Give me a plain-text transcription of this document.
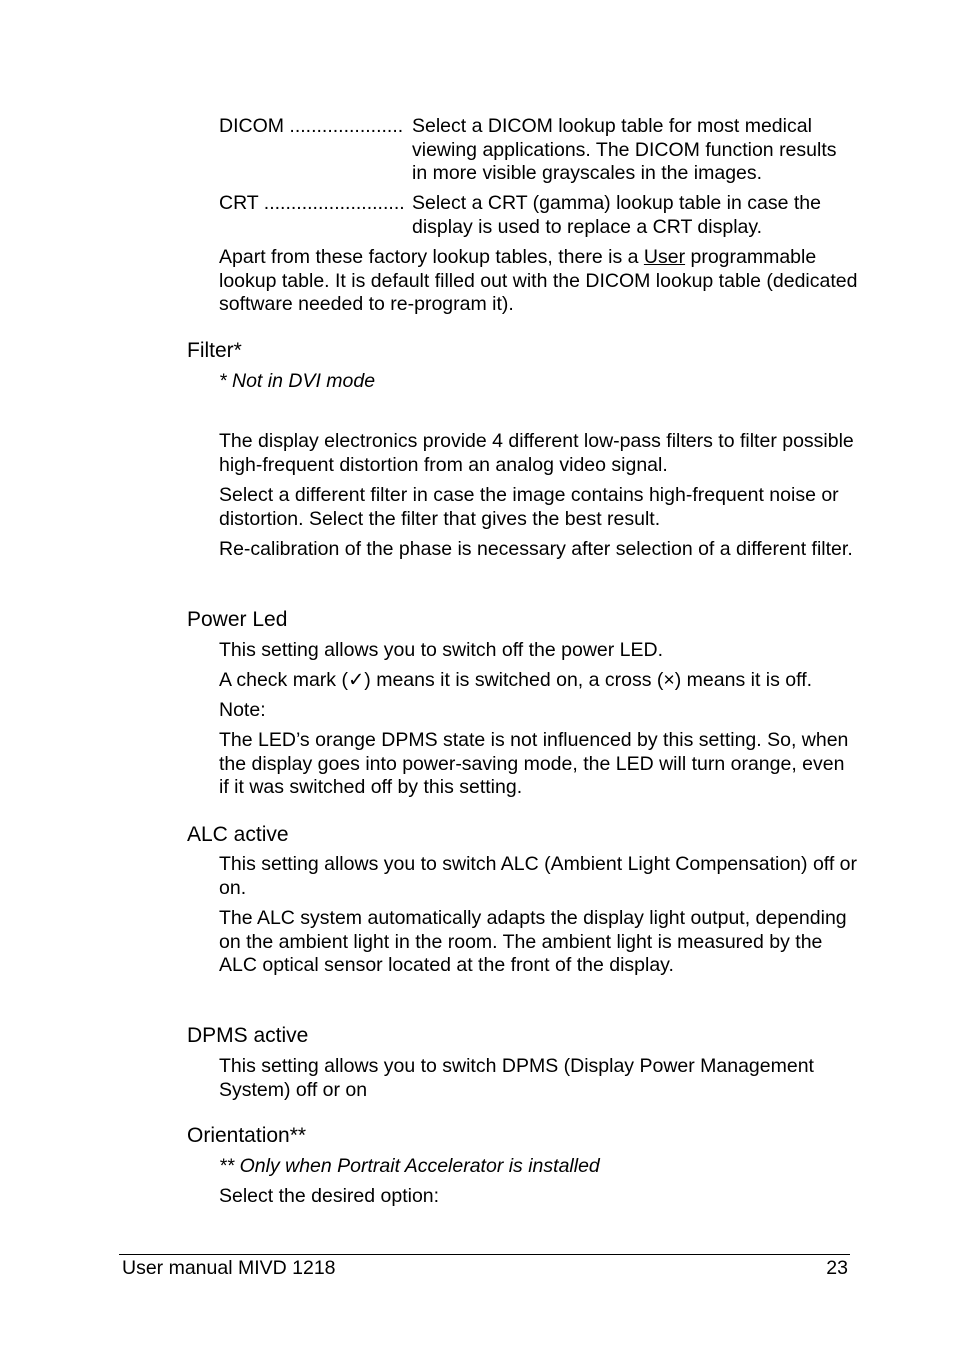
DICOM ..................... Select a DICOM lookup table for most medical viewing applications. The DICOM function results in more visible grayscales in the images.
CRT .......................... Select a CRT (gamma) lookup table in case the display is used to replace a CRT display.

Apart from these factory lookup tables, there is a User programmable lookup table. It is default filled out with the DICOM lookup table (dedicated software needed to re-program it).

Filter*

* Not in DVI mode

The display electronics provide 4 different low-pass filters to filter possible high-frequent distortion from an analog video signal.

Select a different filter in case the image contains high-frequent noise or distortion. Select the filter that gives the best result.

Re-calibration of the phase is necessary after selection of a different filter.

Power Led

This setting allows you to switch off the power LED.

A check mark (✓) means it is switched on, a cross (×) means it is off.

Note:

The LED’s orange DPMS state is not influenced by this setting. So, when the display goes into power-saving mode, the LED will turn orange, even if it was switched off by this setting.

ALC active

This setting allows you to switch ALC (Ambient Light Compensation) off or on.

The ALC system automatically adapts the display light output, depending on the ambient light in the room. The ambient light is measured by the ALC optical sensor located at the front of the display.

DPMS active

This setting allows you to switch DPMS (Display Power Management System) off or on

Orientation**

** Only when Portrait Accelerator is installed

Select the desired option:

User manual MIVD 1218	23
